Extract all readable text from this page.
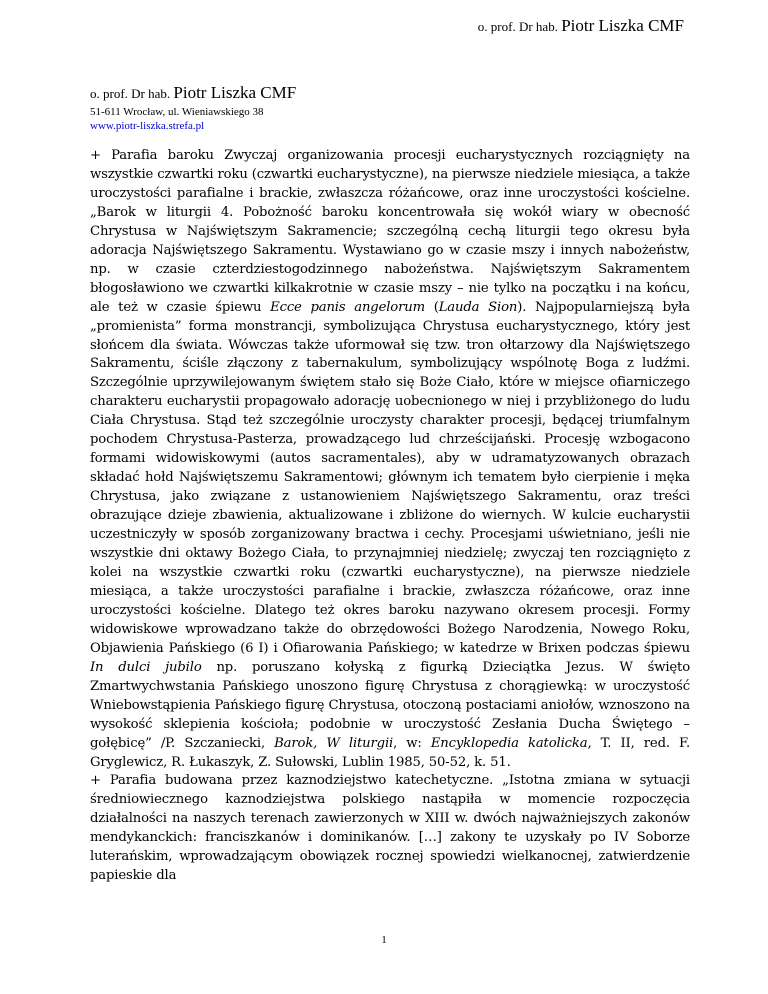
o. prof. Dr hab. Piotr Liszka CMF
o. prof. Dr hab. Piotr Liszka CMF
51-611 Wrocław, ul. Wieniawskiego 38
www.piotr-liszka.strefa.pl

+ Parafia baroku Zwyczaj organizowania procesji eucharystycznych rozciągnięty na wszystkie czwartki roku (czwartki eucharystyczne), na pierwsze niedziele miesiąca, a także uroczystości parafialne i brackie, zwłaszcza różańcowe, oraz inne uroczystości kościelne. „Barok w liturgii 4. Pobożność baroku koncentrowała się wokół wiary w obecność Chrystusa w Najświętszym Sakramencie; szczególną cechą liturgii tego okresu była adoracja Najświętszego Sakramentu. Wystawiano go w czasie mszy i innych nabożeństw, np. w czasie czterdziestogodzinnego nabożeństwa. Najświętszym Sakramentem błogosławiono we czwartki kilkakrotnie w czasie mszy – nie tylko na początku i na końcu, ale też w czasie śpiewu Ecce panis angelorum (Lauda Sion). Najpopularniejszą była „promienista” forma monstrancji, symbolizująca Chrystusa eucharystycznego, który jest słońcem dla świata. Wówczas także uformował się tzw. tron ołtarzowy dla Najświętszego Sakramentu, ściśle złączony z tabernakulum, symbolizujący wspólnotę Boga z ludźmi. Szczególnie uprzywilejowanym świętem stało się Boże Ciało, które w miejsce ofiarniczego charakteru eucharystii propagowało adorację uobecnionego w niej i przybliżonego do ludu Ciała Chrystusa. Stąd też szczególnie uroczysty charakter procesji, będącej triumfalnym pochodem Chrystusa-Pasterza, prowadzącego lud chrześcijański. Procesję wzbogacono formami widowiskowymi (autos sacramentales), aby w udramatyzowanych obrazach składać hołd Najświętszemu Sakramentowi; głównym ich tematem było cierpienie i męka Chrystusa, jako związane z ustanowieniem Najświętszego Sakramentu, oraz treści obrazujące dzieje zbawienia, aktualizowane i zbliżone do wiernych. W kulcie eucharystii uczestniczyły w sposób zorganizowany bractwa i cechy. Procesjami uświetniano, jeśli nie wszystkie dni oktawy Bożego Ciała, to przynajmniej niedzielę; zwyczaj ten rozciągnięto z kolei na wszystkie czwartki roku (czwartki eucharystyczne), na pierwsze niedziele miesiąca, a także uroczystości parafialne i brackie, zwłaszcza różańcowe, oraz inne uroczystości kościelne. Dlatego też okres baroku nazywano okresem procesji. Formy widowiskowe wprowadzano także do obrzędowości Bożego Narodzenia, Nowego Roku, Objawienia Pańskiego (6 I) i Ofiarowania Pańskiego; w katedrze w Brixen podczas śpiewu In dulci jubilo np. poruszano kołyską z figurką Dzieciątka Jezus. W święto Zmartwychwstania Pańskiego unoszono figurę Chrystusa z chorągiewką: w uroczystość Wniebowstąpienia Pańskiego figurę Chrystusa, otoczoną postaciami aniołów, wznoszono na wysokość sklepienia kościoła; podobnie w uroczystość Zesłania Ducha Świętego – gołębicę” /P. Szczaniecki, Barok, W liturgii, w: Encyklopedia katolicka, T. II, red. F. Gryglewicz, R. Łukaszyk, Z. Sułowski, Lublin 1985, 50-52, k. 51.

+ Parafia budowana przez kaznodziejstwo katechetyczne. „Istotna zmiana w sytuacji średniowiecznego kaznodziejstwa polskiego nastąpiła w momencie rozpoczęcia działalności na naszych terenach zawierzonych w XIII w. dwóch najważniejszych zakonów mendykanckich: franciszkanów i dominikanów. […] zakony te uzyskały po IV Soborze luterańskim, wprowadzającym obowiązek rocznej spowiedzi wielkanocnej, zatwierdzenie papieskie dla

1
